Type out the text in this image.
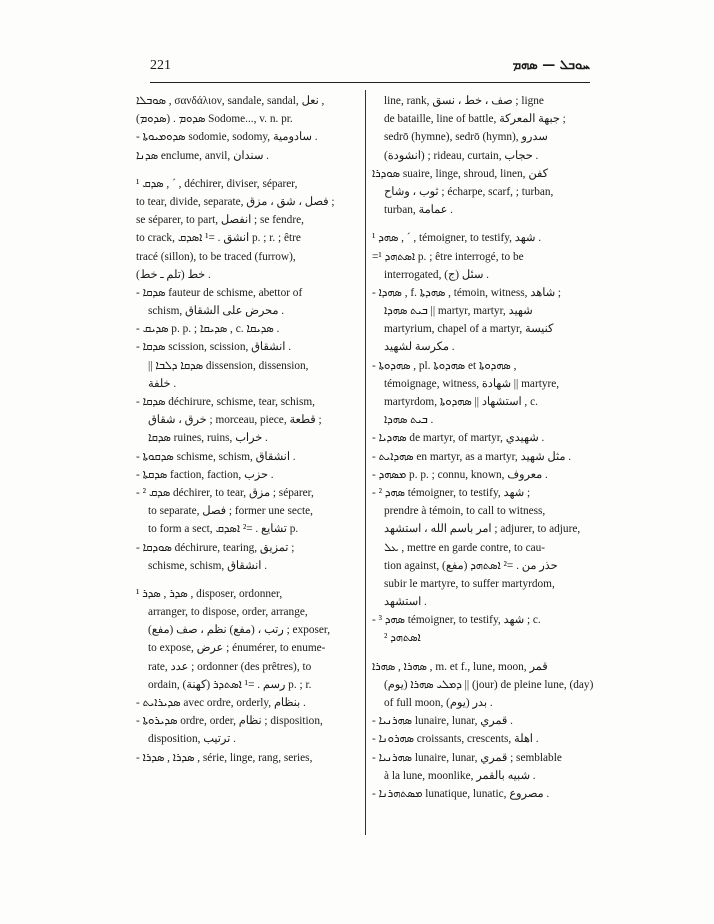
221	ܚܘܒܠ — ܣܗܡ
ܣܘܒܠܐ , σανδάλιον, sandale, sandal, نعل ,
(ܣܕܘܡ) . ܣܕܘܡ Sodome..., v. n. pr.
- ܣܕܘܡܝܘܬܐ sodomie, sodomy, سادومية .
ܣܕܢܐ enclume, anvil, سندان .
¹ ܣܕܩ , ´ , déchirer, diviser, séparer,
to tear, divide, separate, فصل ، شق ، مزق ;
se séparer, to part, انفصل ; se fendre,
to crack, انشق . =¹ ܐܣܕܩ p. ; r. ; être
tracé (sillon), to be traced (furrow),
(تلم ـ خط) خط .
- ܣܕܩܐ fauteur de schisme, abettor of
schism, محرض على الشقاق .
- ܣܕܝܩ p. p. ; ܣܕܝܩܐ , c. ܣܕܝܩܐ .
- ܣܕܩܐ scission, scission, انشقاق .
|| ܣܕܩܐ ܕܠܒܐ dissension, dissension,
خلفة .
- ܣܕܩܐ déchirure, schisme, tear, schism,
خرق ، شقاق ; morceau, piece, قطعة ;
ܣܕܩܐ ruines, ruins, خراب .
- ܣܕܩܘܬܐ schisme, schism, انشقاق .
- ܣܕܩܬܐ faction, faction, حزب .
- ² ܣܕܩ déchirer, to tear, مزق ; séparer,
to separate, فصل ; former une secte,
to form a sect, تشايع . =² ܐܣܕܩ p.
- ܣܘܕܩܐ déchirure, tearing, تمزيق ;
schisme, schism, انشقاق .
¹ ܣܕܪ , ܣܕܪ , disposer, ordonner,
arranger, to dispose, order, arrange,
(مفع) رتب ، (مفع) نظم ، صف ; exposer,
to expose, عرض ; énumérer, to enume-
rate, عدد ; ordonner (des prêtres), to
ordain, (كهنة) رسم . =¹ ܐܣܬܕܪ p. ; r.
- ܣܕܝܪܐܝܬ avec ordre, orderly, بنظام .
- ܣܕܝܪܘܬܐ ordre, order, نظام ; disposition,
disposition, ترتيب .
- ܣܕܪܐ , ܣܕܪܐ , série, linge, rang, series,
line, rank, صف ، خط ، نسق ; ligne
de bataille, line of battle, جبهة المعركة ;
sedrō (hymne), sedrō (hymn), سدرو
(انشودة) ; rideau, curtain, حجاب .
ܣܘܕܪܐ suaire, linge, shroud, linen, كفن
ثوب ، وشاح ; écharpe, scarf, ; turban,
turban, عمامة .
¹ ܣܗܕ , ´ , témoigner, to testify, شهد .
=¹ ܐܣܬܗܕ p. ; être interrogé, to be
interrogated, (ج) سئل .
- ܣܗܕܐ , f. ܣܗܕܬܐ , témoin, witness, شاهد ;
ܒܝܬ ܣܗܕܐ || martyr, martyr, شهيد
martyrium, chapel of a martyr, كنيسة
مكرسة لشهيد .
- ܣܗܕܘܬܐ , pl. ܣܗܕܘܬܐ et ܣܗܕܘܬܐ ,
témoignage, witness, شهادة || martyre,
martyrdom, استشهاد || ܣܗܕܘܬܐ , c.
ܒܝܬ ܣܗܕܐ .
- ܣܗܕܝܐ de martyr, of martyr, شهيدي .
- ܣܗܕܐܝܬ en martyr, as a martyr, مثل شهيد .
- ܡܣܗܕ p. p. ; connu, known, معروف .
- ² ܣܗܕ témoigner, to testify, شهد ;
prendre à témoin, to call to witness,
امر باسم الله ، استشهد ; adjurer, to adjure,
ܥܠ , mettre en garde contre, to cau-
tion against, (مفع) حذر من . =² ܐܣܬܗܕ
subir le martyre, to suffer martyrdom,
استشهد .
- ³ ܣܗܕ témoigner, to testify, شهد ; c.
² ܐܣܬܗܕ
ܣܗܪܐ , ܣܗܪܐ , m. et f., lune, moon, قمر
(يوم) ܕܡܠܝ ܣܗܪܐ || (jour) de pleine lune, (day)
of full moon, (يوم) بدر .
- ܣܗܪܢܝܐ lunaire, lunar, قمري .
- ܣܗܪܘܢܐ croissants, crescents, اهلة .
- ܣܗܪܢܝܐ lunaire, lunar, قمري ; semblable
à la lune, moonlike, شبيه بالقمر .
- ܡܣܬܗܪܢܐ lunatique, lunatic, مصروع .
